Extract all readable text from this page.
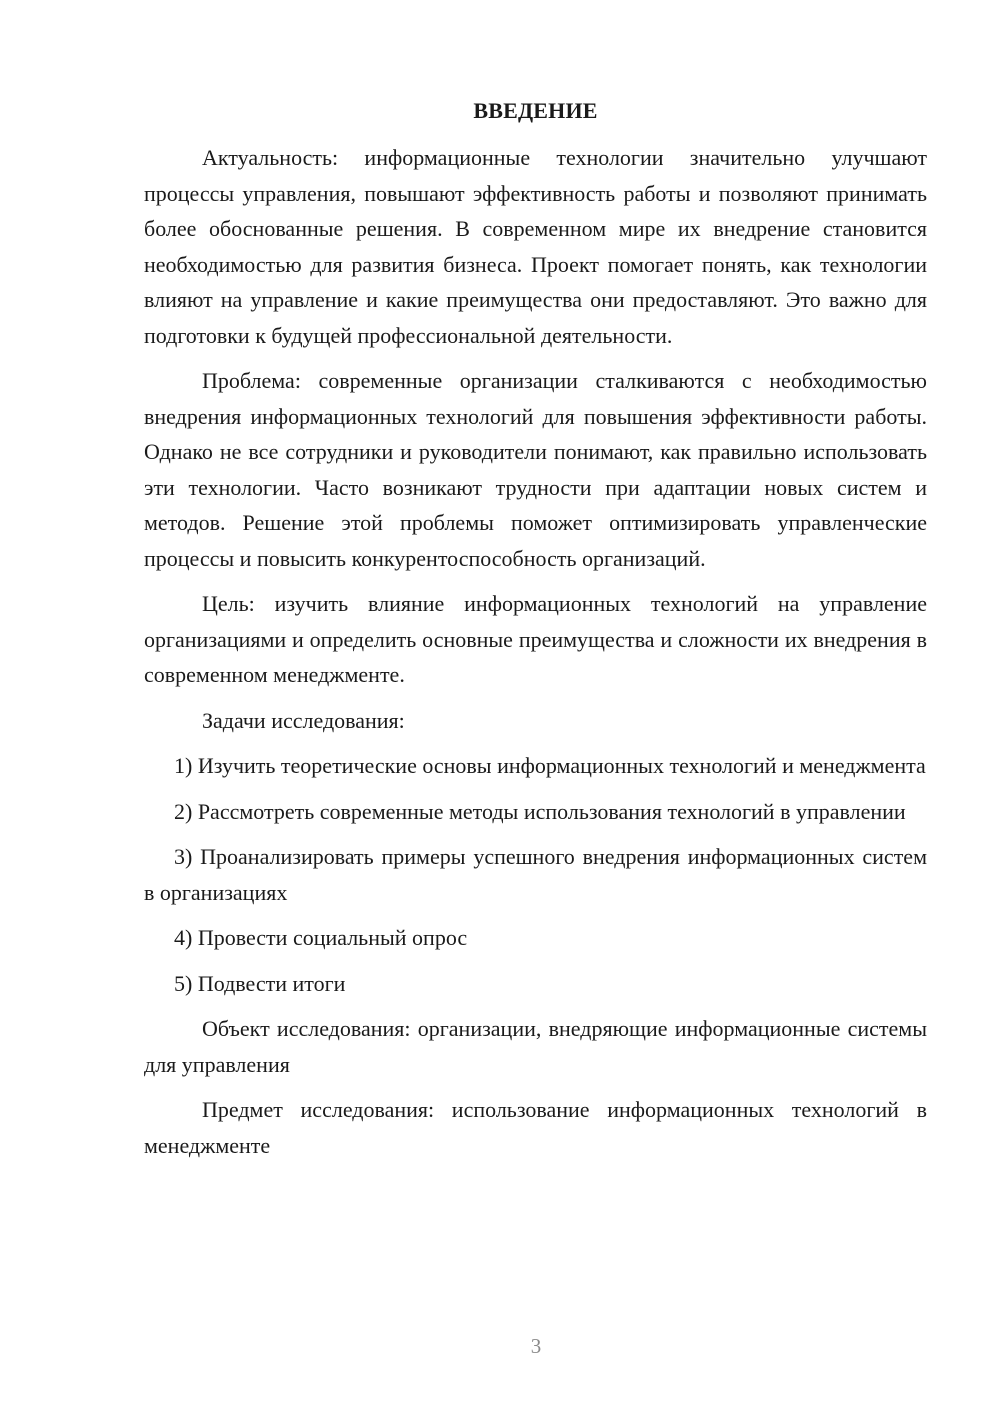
ВВЕДЕНИЕ

Актуальность: информационные технологии значительно улучшают процессы управления, повышают эффективность работы и позволяют принимать более обоснованные решения. В современном мире их внедрение становится необходимостью для развития бизнеса. Проект помогает понять, как технологии влияют на управление и какие преимущества они предоставляют. Это важно для подготовки к будущей профессиональной деятельности.

Проблема: современные организации сталкиваются с необходимостью внедрения информационных технологий для повышения эффективности работы. Однако не все сотрудники и руководители понимают, как правильно использовать эти технологии. Часто возникают трудности при адаптации новых систем и методов. Решение этой проблемы поможет оптимизировать управленческие процессы и повысить конкурентоспособность организаций.

Цель: изучить влияние информационных технологий на управление организациями и определить основные преимущества и сложности их внедрения в современном менеджменте.

Задачи исследования:

1) Изучить теоретические основы информационных технологий и менеджмента

2) Рассмотреть современные методы использования технологий в управлении

3) Проанализировать примеры успешного внедрения информационных систем в организациях

4) Провести социальный опрос

5) Подвести итоги

Объект исследования: организации, внедряющие информационные системы для управления

Предмет исследования: использование информационных технологий в менеджменте

3
